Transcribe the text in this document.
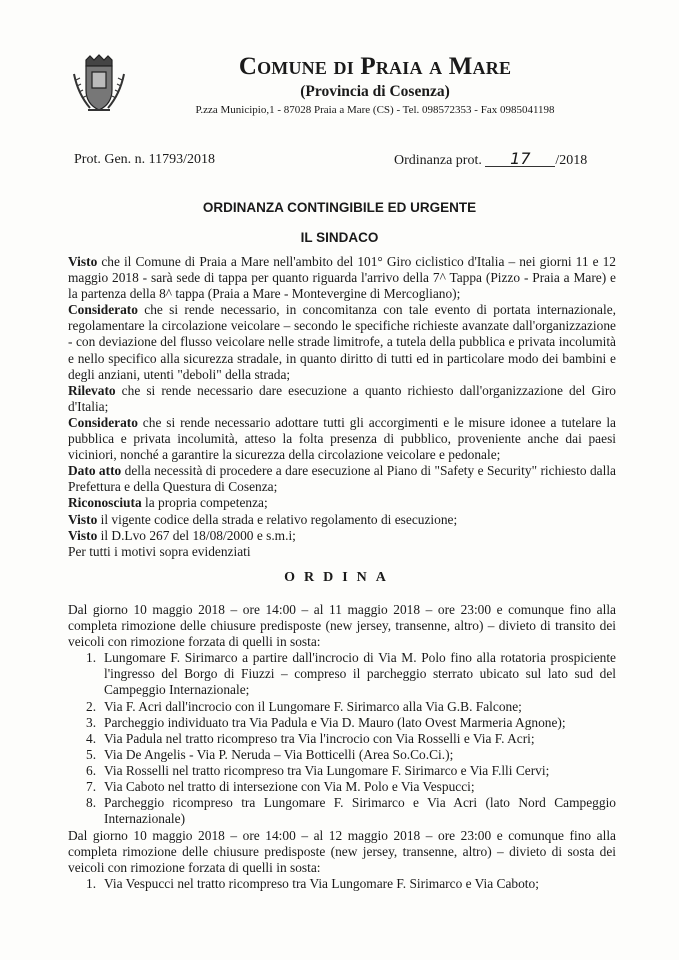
Comune di Praia a Mare
(Provincia di Cosenza)
P.zza Municipio,1 - 87028 Praia a Mare (CS) - Tel. 098572353 - Fax 0985041198
Prot. Gen. n. 11793/2018	Ordinanza prot. 17 /2018
ORDINANZA CONTINGIBILE ED URGENTE
IL SINDACO

Visto che il Comune di Praia a Mare nell'ambito del 101° Giro ciclistico d'Italia – nei giorni 11 e 12 maggio 2018 - sarà sede di tappa per quanto riguarda l'arrivo della 7^ Tappa (Pizzo - Praia a Mare) e la partenza della 8^ tappa (Praia a Mare - Montevergine di Mercogliano);

Considerato che si rende necessario, in concomitanza con tale evento di portata internazionale, regolamentare la circolazione veicolare – secondo le specifiche richieste avanzate dall'organizzazione - con deviazione del flusso veicolare nelle strade limitrofe, a tutela della pubblica e privata incolumità e nello specifico alla sicurezza stradale, in quanto diritto di tutti ed in particolare modo dei bambini e degli anziani, utenti "deboli" della strada;

Rilevato che si rende necessario dare esecuzione a quanto richiesto dall'organizzazione del Giro d'Italia;

Considerato che si rende necessario adottare tutti gli accorgimenti e le misure idonee a tutelare la pubblica e privata incolumità, atteso la folta presenza di pubblico, proveniente anche dai paesi viciniori, nonché a garantire la sicurezza della circolazione veicolare e pedonale;

Dato atto della necessità di procedere a dare esecuzione al Piano di "Safety e Security" richiesto dalla Prefettura e della Questura di Cosenza;

Riconosciuta la propria competenza;

Visto il vigente codice della strada e relativo regolamento di esecuzione;

Visto il D.Lvo 267 del 18/08/2000 e s.m.i;

Per tutti i motivi sopra evidenziati

ORDINA

Dal giorno 10 maggio 2018 – ore 14:00 – al 11 maggio 2018 – ore 23:00 e comunque fino alla completa rimozione delle chiusure predisposte (new jersey, transenne, altro) – divieto di transito dei veicoli con rimozione forzata di quelli in sosta:

1. Lungomare F. Sirimarco a partire dall'incrocio di Via M. Polo fino alla rotatoria prospiciente l'ingresso del Borgo di Fiuzzi – compreso il parcheggio sterrato ubicato sul lato sud del Campeggio Internazionale;
2. Via F. Acri dall'incrocio con il Lungomare F. Sirimarco alla Via G.B. Falcone;
3. Parcheggio individuato tra Via Padula e Via D. Mauro (lato Ovest Marmeria Agnone);
4. Via Padula nel tratto ricompreso tra Via l'incrocio con Via Rosselli e Via F. Acri;
5. Via De Angelis - Via P. Neruda – Via Botticelli (Area So.Co.Ci.);
6. Via Rosselli nel tratto ricompreso tra Via Lungomare F. Sirimarco e Via F.lli Cervi;
7. Via Caboto nel tratto di intersezione con Via M. Polo e Via Vespucci;
8. Parcheggio ricompreso tra Lungomare F. Sirimarco e Via Acri (lato Nord Campeggio Internazionale)

Dal giorno 10 maggio 2018 – ore 14:00 – al 12 maggio 2018 – ore 23:00 e comunque fino alla completa rimozione delle chiusure predisposte (new jersey, transenne, altro) – divieto di sosta dei veicoli con rimozione forzata di quelli in sosta:

1. Via Vespucci nel tratto ricompreso tra Via Lungomare F. Sirimarco e Via Caboto;
